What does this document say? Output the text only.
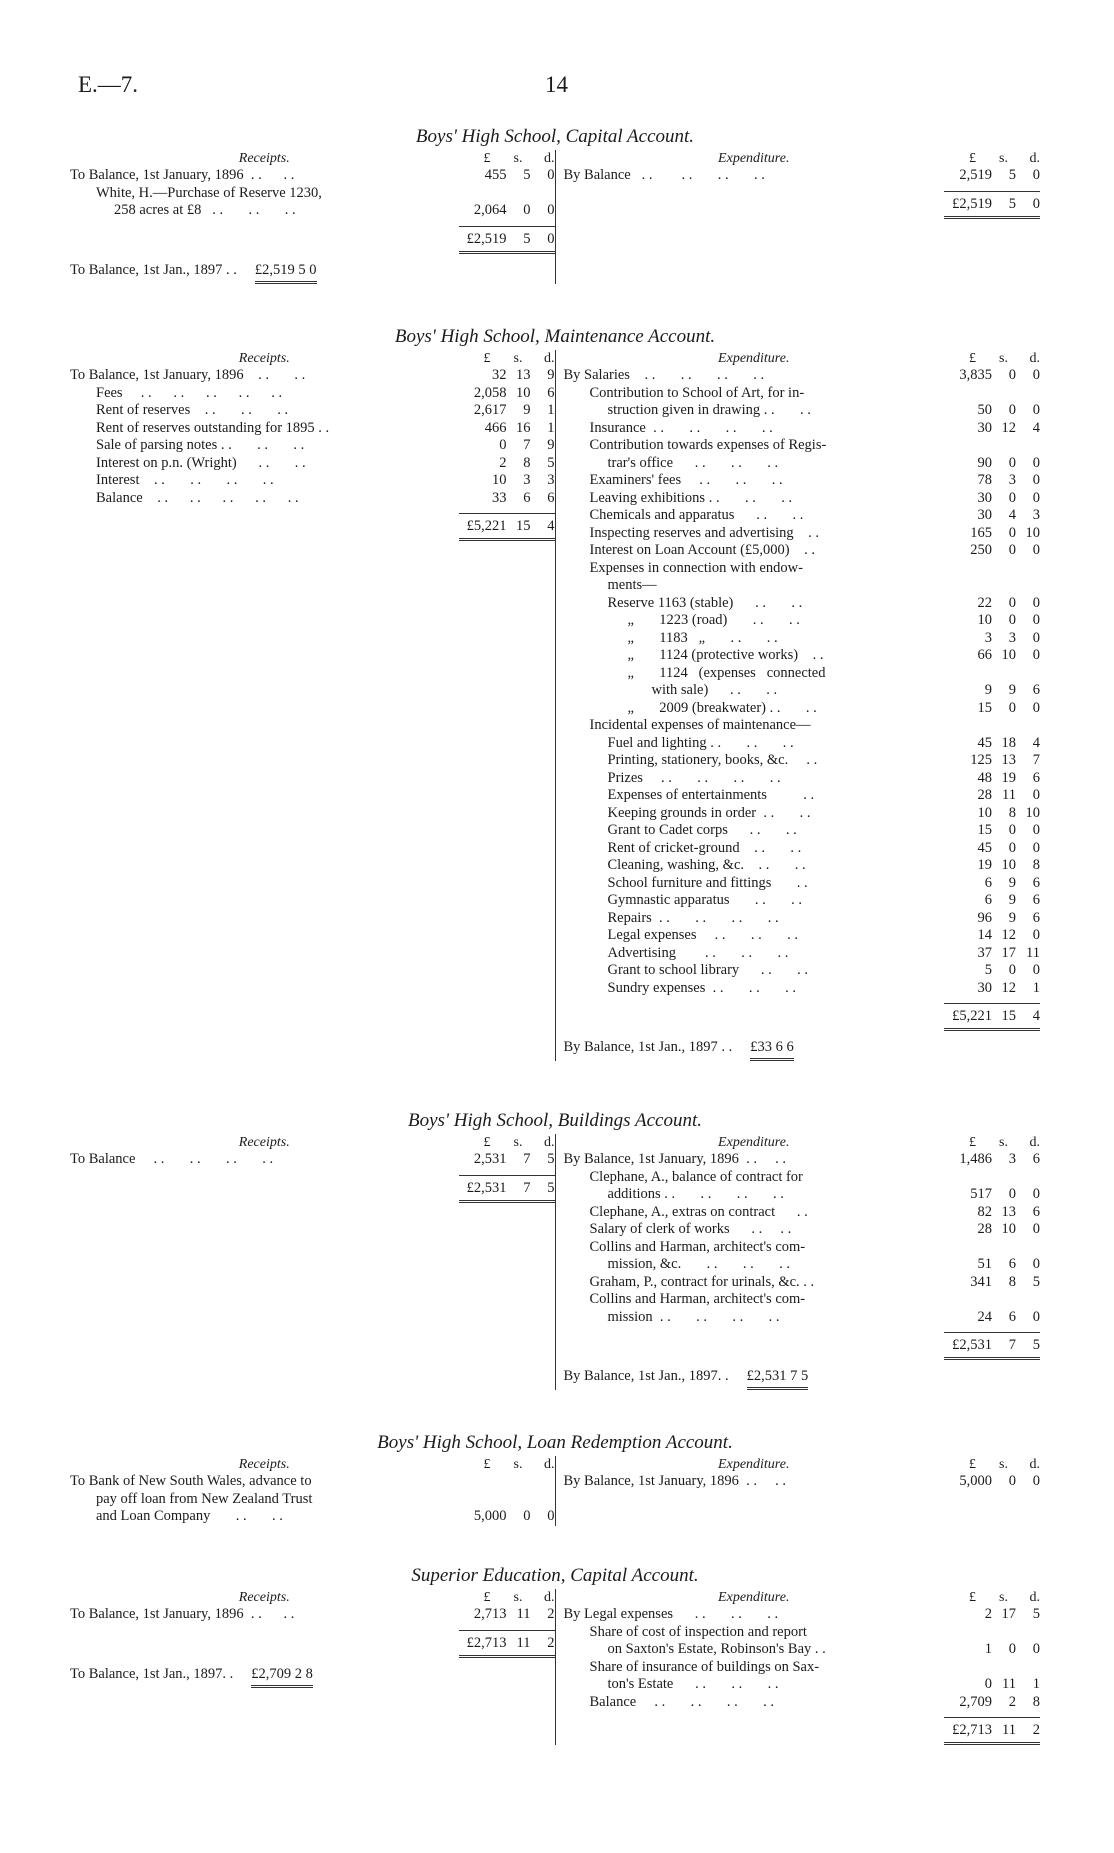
E.—7.	14
Boys' High School, Capital Account.
Receipts.	£	s.	d.
To Balance, 1st January, 1896  . .      . .	455	5	0
White, H.—Purchase of Reserve 1230,
258 acres at £8   . .       . .       . .	2,064	0	0
£2,519	5	0
To Balance, 1st Jan., 1897 . . £2,519 5 0
Expenditure.	£	s.	d.
By Balance   . .        . .       . .       . .	2,519	5	0
£2,519	5	0
Boys' High School, Maintenance Account.
Receipts.	£	s.	d.
To Balance, 1st January, 1896    . .       . .	32 13	9
Fees     . .      . .      . .      . .      . .	2,058 10	6
Rent of reserves    . .       . .       . .	2,617	9	1
Rent of reserves outstanding for 1895 . .	466 16	1
Sale of parsing notes . .       . .       . .	0	7	9
Interest on p.n. (Wright)      . .       . .	2	8	5
Interest    . .       . .       . .       . .	10	3	3
Balance    . .      . .      . .      . .      . .	33	6	6
£5,221 15	4
Expenditure.	£	s.	d.
By Salaries    . .       . .       . .       . .	3,835	0	0
Contribution to School of Art, for in-
struction given in drawing . .       . .	50	0	0
Insurance  . .       . .       . .       . .	30 12	4
Contribution towards expenses of Regis-
trar's office      . .       . .       . .	90	0	0
Examiners' fees     . .       . .       . .	78	3	0
Leaving exhibitions . .       . .       . .	30	0	0
Chemicals and apparatus      . .       . .	30	4	3
Inspecting reserves and advertising    . .	165	0 10
Interest on Loan Account (£5,000)    . .	250	0	0
Expenses in connection with endow-
ments—
Reserve 1163 (stable)      . .       . .	22	0	0
„       1223 (road)       . .       . .	10	0	0
„       1183   „       . .       . .	3	3	0
„       1124 (protective works)    . .	66 10	0
„       1124   (expenses   connected
with sale)      . .       . .	9	9	6
„       2009 (breakwater) . .       . .	15	0	0
Incidental expenses of maintenance—
Fuel and lighting . .       . .       . .	45 18	4
Printing, stationery, books, &c.     . .	125 13	7
Prizes     . .       . .       . .       . .	48 19	6
Expenses of entertainments          . .	28 11	0
Keeping grounds in order  . .       . .	10	8 10
Grant to Cadet corps      . .       . .	15	0	0
Rent of cricket-ground    . .       . .	45	0	0
Cleaning, washing, &c.    . .       . .	19 10	8
School furniture and fittings       . .	6	9	6
Gymnastic apparatus       . .       . .	6	9	6
Repairs  . .       . .       . .       . .	96	9	6
Legal expenses     . .       . .       . .	14 12	0
Advertising        . .       . .       . .	37 17 11
Grant to school library      . .       . .	5	0	0
Sundry expenses  . .       . .       . .	30 12	1
£5,221 15	4
By Balance, 1st Jan., 1897 . . £33 6 6
Boys' High School, Buildings Account.
Receipts.	£	s.	d.
To Balance     . .       . .       . .       . .	2,531	7	5
£2,531	7	5
Expenditure.	£	s.	d.
By Balance, 1st January, 1896  . .     . .	1,486	3	6
Clephane, A., balance of contract for
additions . .       . .       . .       . .	517	0	0
Clephane, A., extras on contract      . .	82 13	6
Salary of clerk of works      . .     . .	28 10	0
Collins and Harman, architect's com-
mission, &c.       . .       . .       . .	51	6	0
Graham, P., contract for urinals, &c. . .	341	8	5
Collins and Harman, architect's com-
mission  . .       . .       . .       . .	24	6	0
£2,531	7	5
By Balance, 1st Jan., 1897. . £2,531 7 5
Boys' High School, Loan Redemption Account.
Receipts.	£	s.	d.
To Bank of New South Wales, advance to
pay off loan from New Zealand Trust
and Loan Company       . .       . .	5,000	0	0
Expenditure.	£	s.	d.
By Balance, 1st January, 1896  . .     . .	5,000	0	0
Superior Education, Capital Account.
Receipts.	£	s.	d.
To Balance, 1st January, 1896  . .      . .	2,713 11	2
£2,713 11	2
To Balance, 1st Jan., 1897. . £2,709 2 8
Expenditure.	£	s.	d.
By Legal expenses      . .       . .       . .	2 17	5
Share of cost of inspection and report
on Saxton's Estate, Robinson's Bay . .	1	0	0
Share of insurance of buildings on Sax-
ton's Estate      . .       . .       . .	0 11	1
Balance     . .       . .       . .       . .	2,709	2	8
£2,713 11	2
